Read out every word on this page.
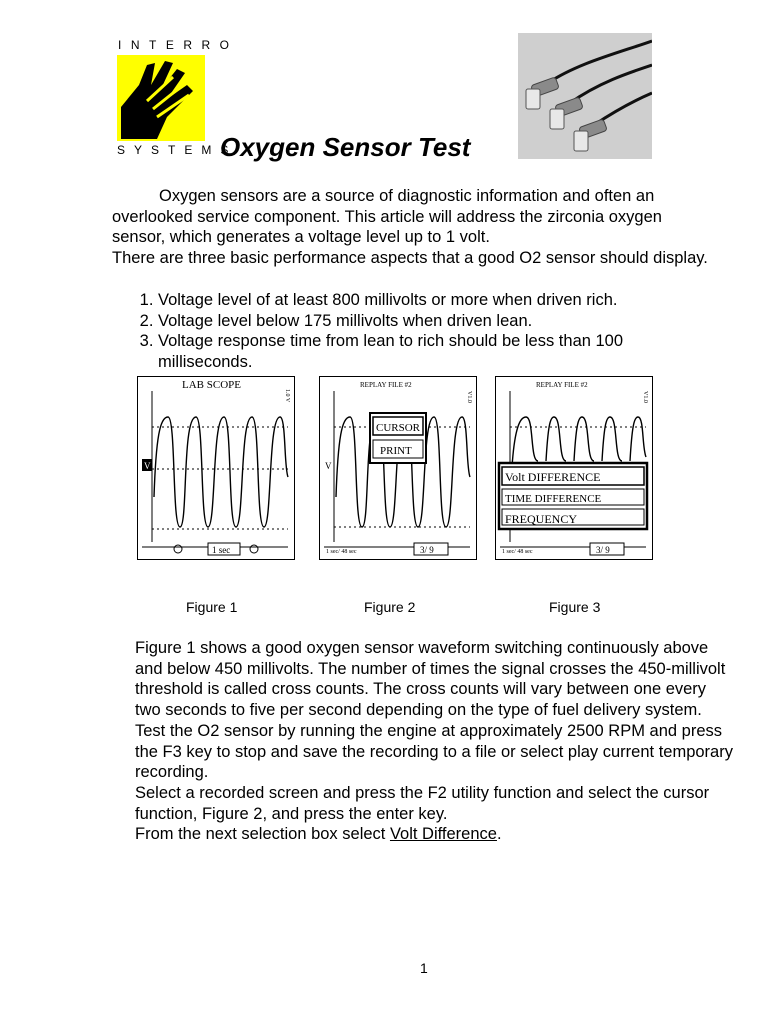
INTERRO
SYSTEMS
Oxygen Sensor Test
Oxygen sensors are a source of diagnostic information and often an overlooked service component. This article will address the zirconia oxygen sensor, which generates a voltage level up to 1 volt.
There are three basic performance aspects that a good O2 sensor should display.
1. Voltage level of at least 800 millivolts or more when driven rich.
2. Voltage level below 175 millivolts when driven lean.
3. Voltage response time from lean to rich should be less than 100 milliseconds.
LAB SCOPE
1.0 V
V
1 sec
REPLAY FILE #2
V1.0
V
CURSOR
PRINT
1 sec/ 48 sec	3/ 9
REPLAY FILE #2
V1.0
Volt DIFFERENCE
TIME DIFFERENCE
FREQUENCY
1 sec/ 48 sec	3/ 9
Figure 1	Figure 2	Figure 3
Figure 1 shows a good oxygen sensor waveform switching continuously above and below 450 millivolts. The number of times the signal crosses the 450-millivolt threshold is called cross counts. The cross counts will vary between one every two seconds to five per second depending on the type of fuel delivery system. Test the O2 sensor by running the engine at approximately 2500 RPM and press the F3 key to stop and save the recording to a file or select play current temporary recording.
Select a recorded screen and press the F2 utility function and select the cursor function, Figure 2, and press the enter key.
From the next selection box select Volt Difference.
1
